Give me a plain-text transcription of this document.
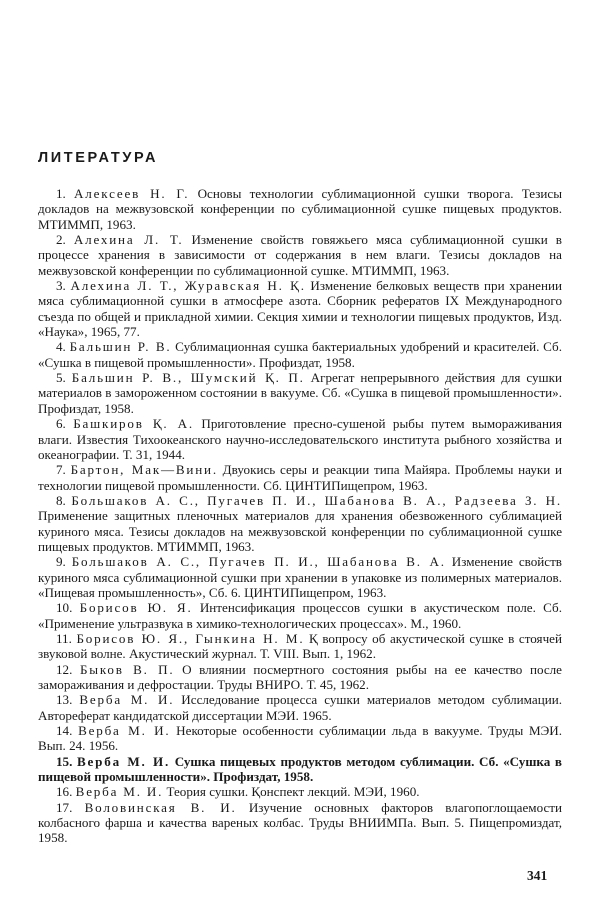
ЛИТЕРАТУРА
1. Алексеев Н. Г. Основы технологии сублимационной сушки творога. Тезисы докладов на межвузовской конференции по сублимационной сушке пищевых продуктов. МТИММП, 1963.
2. Алехина Л. Т. Изменение свойств говяжьего мяса сублимационной сушки в процессе хранения в зависимости от содержания в нем влаги. Тезисы докладов на межвузовской конференции по сублимационной сушке. МТИММП, 1963.
3. Алехина Л. Т., Журавская Н. Қ. Изменение белковых веществ при хранении мяса сублимационной сушки в атмосфере азота. Сборник рефератов IX Международного съезда по общей и прикладной химии. Секция химии и технологии пищевых продуктов, Изд. «Наука», 1965, 77.
4. Бальшин Р. В. Сублимационная сушка бактериальных удобрений и красителей. Сб. «Сушка в пищевой промышленности». Профиздат, 1958.
5. Бальшин Р. В., Шумский Қ. П. Агрегат непрерывного действия для сушки материалов в замороженном состоянии в вакууме. Сб. «Сушка в пищевой промышленности». Профиздат, 1958.
6. Башкиров Қ. А. Приготовление пресно-сушеной рыбы путем вымораживания влаги. Известия Тихоокеанского научно-исследовательского института рыбного хозяйства и океанографии. Т. 31, 1944.
7. Бартон, Мак—Вини. Двуокись серы и реакции типа Майяра. Проблемы науки и технологии пищевой промышленности. Сб. ЦИНТИПищепром, 1963.
8. Большаков А. С., Пугачев П. И., Шабанова В. А., Радзеева З. Н. Применение защитных пленочных материалов для хранения обезвоженного сублимацией куриного мяса. Тезисы докладов на межвузовской конференции по сублимационной сушке пищевых продуктов. МТИММП, 1963.
9. Большаков А. С., Пугачев П. И., Шабанова В. А. Изменение свойств куриного мяса сублимационной сушки при хранении в упаковке из полимерных материалов. «Пищевая промышленность», Сб. 6. ЦИНТИПищепром, 1963.
10. Борисов Ю. Я. Интенсификация процессов сушки в акустическом поле. Сб. «Применение ультразвука в химико-технологических процессах». М., 1960.
11. Борисов Ю. Я., Гынкина Н. М. Қ вопросу об акустической сушке в стоячей звуковой волне. Акустический журнал. Т. VIII. Вып. 1, 1962.
12. Быков В. П. О влиянии посмертного состояния рыбы на ее качество после замораживания и дефростации. Труды ВНИРО. Т. 45, 1962.
13. Верба М. И. Исследование процесса сушки материалов методом сублимации. Автореферат кандидатской диссертации МЭИ. 1965.
14. Верба М. И. Некоторые особенности сублимации льда в вакууме. Труды МЭИ. Вып. 24. 1956.
15. Верба М. И. Сушка пищевых продуктов методом сублимации. Сб. «Сушка в пищевой промышленности». Профиздат, 1958.
16. Верба М. И. Теория сушки. Қонспект лекций. МЭИ, 1960.
17. Воловинская В. И. Изучение основных факторов влагопоглощаемости колбасного фарша и качества вареных колбас. Труды ВНИИМПа. Вып. 5. Пищепромиздат, 1958.

341
